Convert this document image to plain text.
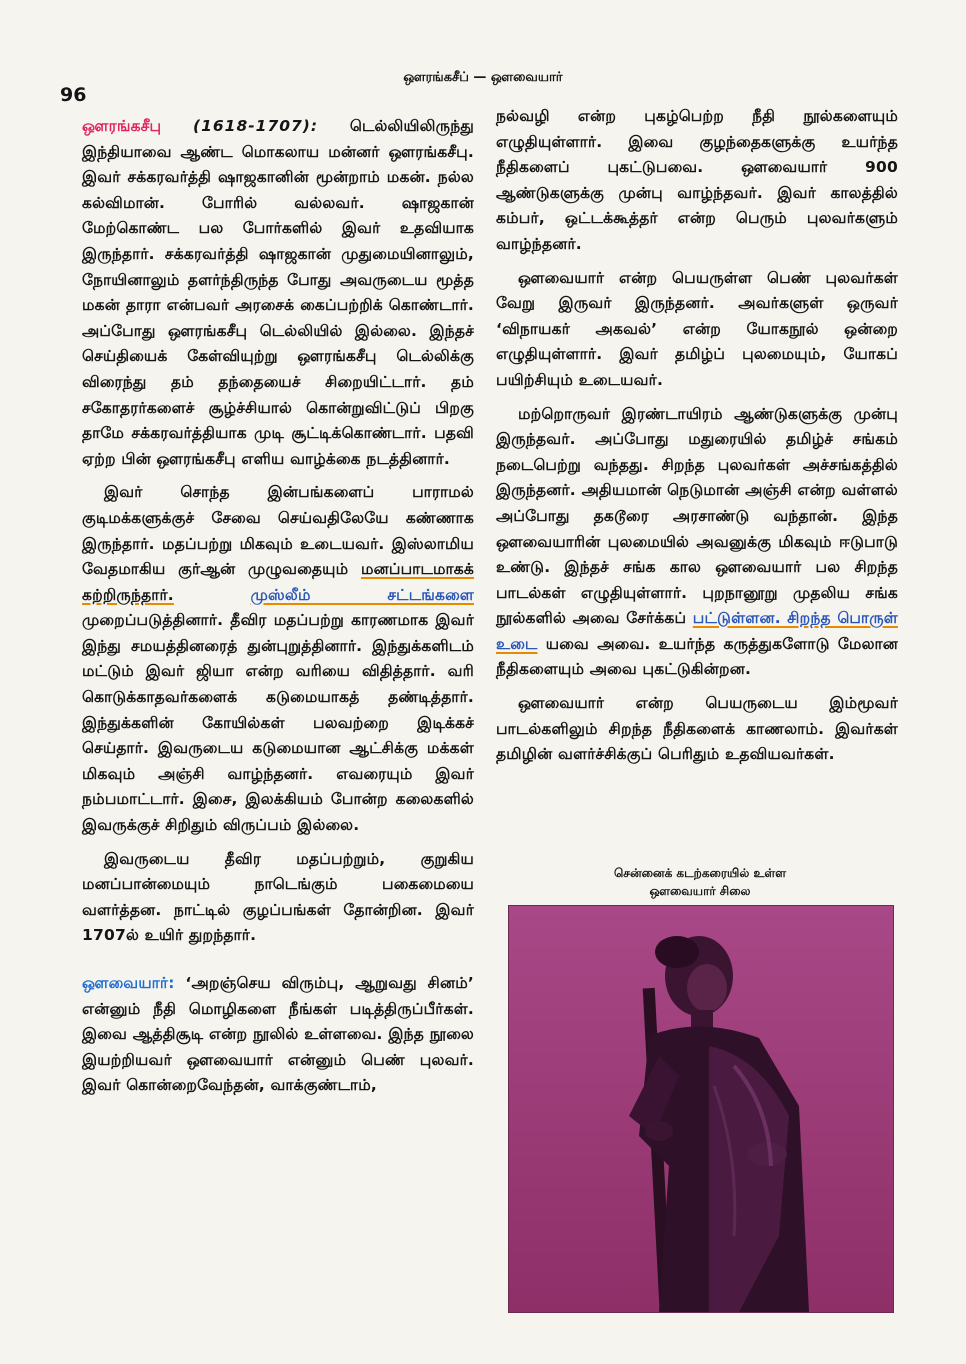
ஔரங்கசீப் — ஔவையார்
96

ஔரங்கசீபு (1618-1707): டெல்லியிலிருந்து இந்தியாவை ஆண்ட மொகலாய மன்னர் ஔரங்கசீபு. இவர் சக்கரவர்த்தி ஷாஜகானின் மூன்றாம் மகன். நல்ல கல்விமான். போரில் வல்லவர். ஷாஜகான் மேற்கொண்ட பல போர்களில் இவர் உதவியாக இருந்தார். சக்கரவர்த்தி ஷாஜகான் முதுமையினாலும், நோயினாலும் தளர்ந்திருந்த போது அவருடைய மூத்த மகன் தாரா என்பவர் அரசைக் கைப்பற்றிக் கொண்டார். அப்போது ஔரங்கசீபு டெல்லியில் இல்லை. இந்தச் செய்தியைக் கேள்வியுற்று ஔரங்கசீபு டெல்லிக்கு விரைந்து தம் தந்தையைச் சிறையிட்டார். தம் சகோதரர்களைச் சூழ்ச்சியால் கொன்றுவிட்டுப் பிறகு தாமே சக்கரவர்த்தியாக முடி சூட்டிக்கொண்டார். பதவி ஏற்ற பின் ஔரங்கசீபு எளிய வாழ்க்கை நடத்தினார்.

இவர் சொந்த இன்பங்களைப் பாராமல் குடிமக்களுக்குச் சேவை செய்வதிலேயே கண்ணாக இருந்தார். மதப்பற்று மிகவும் உடையவர். இஸ்லாமிய வேதமாகிய குர்ஆன் முழுவதையும் மனப்பாடமாகக் கற்றிருந்தார்.	முஸ்லீம் சட்டங்களை முறைப்படுத்தினார். தீவிர மதப்பற்று காரணமாக இவர் இந்து சமயத்தினரைத் துன்புறுத்தினார். இந்துக்களிடம் மட்டும் இவர் ஜியா என்ற வரியை விதித்தார். வரி கொடுக்காதவர்களைக் கடுமையாகத் தண்டித்தார். இந்துக்களின் கோயில்கள் பலவற்றை இடிக்கச் செய்தார். இவருடைய கடுமையான ஆட்சிக்கு மக்கள் மிகவும் அஞ்சி வாழ்ந்தனர். எவரையும் இவர் நம்பமாட்டார். இசை, இலக்கியம் போன்ற கலைகளில் இவருக்குச் சிறிதும் விருப்பம் இல்லை.

இவருடைய தீவிர மதப்பற்றும், குறுகிய மனப்பான்மையும் நாடெங்கும் பகைமையை வளர்த்தன. நாட்டில் குழப்பங்கள் தோன்றின. இவர் 1707ல் உயிர் துறந்தார்.

ஔவையார்: ‘அறஞ்செய விரும்பு, ஆறுவது சினம்’ என்னும் நீதி மொழிகளை நீங்கள் படித்திருப்பீர்கள். இவை ஆத்திசூடி என்ற நூலில் உள்ளவை. இந்த நூலை இயற்றியவர் ஔவையார் என்னும் பெண் புலவர். இவர் கொன்றைவேந்தன், வாக்குண்டாம்,

நல்வழி என்ற புகழ்பெற்ற நீதி நூல்களையும் எழுதியுள்ளார். இவை குழந்தைகளுக்கு உயர்ந்த நீதிகளைப் புகட்டுபவை. ஔவையார் 900 ஆண்டுகளுக்கு முன்பு வாழ்ந்தவர். இவர் காலத்தில் கம்பர், ஒட்டக்கூத்தர் என்ற பெரும் புலவர்களும் வாழ்ந்தனர்.

ஔவையார் என்ற பெயருள்ள பெண் புலவர்கள் வேறு இருவர் இருந்தனர். அவர்களுள் ஒருவர் ‘விநாயகர் அகவல்’ என்ற யோகநூல் ஒன்றை எழுதியுள்ளார். இவர் தமிழ்ப் புலமையும், யோகப் பயிற்சியும் உடையவர்.

மற்றொருவர் இரண்டாயிரம் ஆண்டுகளுக்கு முன்பு இருந்தவர். அப்போது மதுரையில் தமிழ்ச் சங்கம் நடைபெற்று வந்தது. சிறந்த புலவர்கள் அச்சங்கத்தில் இருந்தனர். அதியமான் நெடுமான் அஞ்சி என்ற வள்ளல் அப்போது தகடூரை அரசாண்டு வந்தான். இந்த ஔவையாரின் புலமையில் அவனுக்கு மிகவும் ஈடுபாடு உண்டு. இந்தச் சங்க கால ஔவையார் பல சிறந்த பாடல்கள் எழுதியுள்ளார். புறநானூறு முதலிய சங்க நூல்களில் அவை சேர்க்கப் பட்டுள்ளன. சிறந்த பொருள் உடை யவை அவை. உயர்ந்த கருத்துகளோடு மேலான நீதிகளையும் அவை புகட்டுகின்றன.

ஔவையார் என்ற பெயருடைய இம்மூவர் பாடல்களிலும் சிறந்த நீதிகளைக் காணலாம். இவர்கள் தமிழின் வளர்ச்சிக்குப் பெரிதும் உதவியவர்கள்.

சென்னைக் கடற்கரையில் உள்ள
ஔவையார் சிலை
